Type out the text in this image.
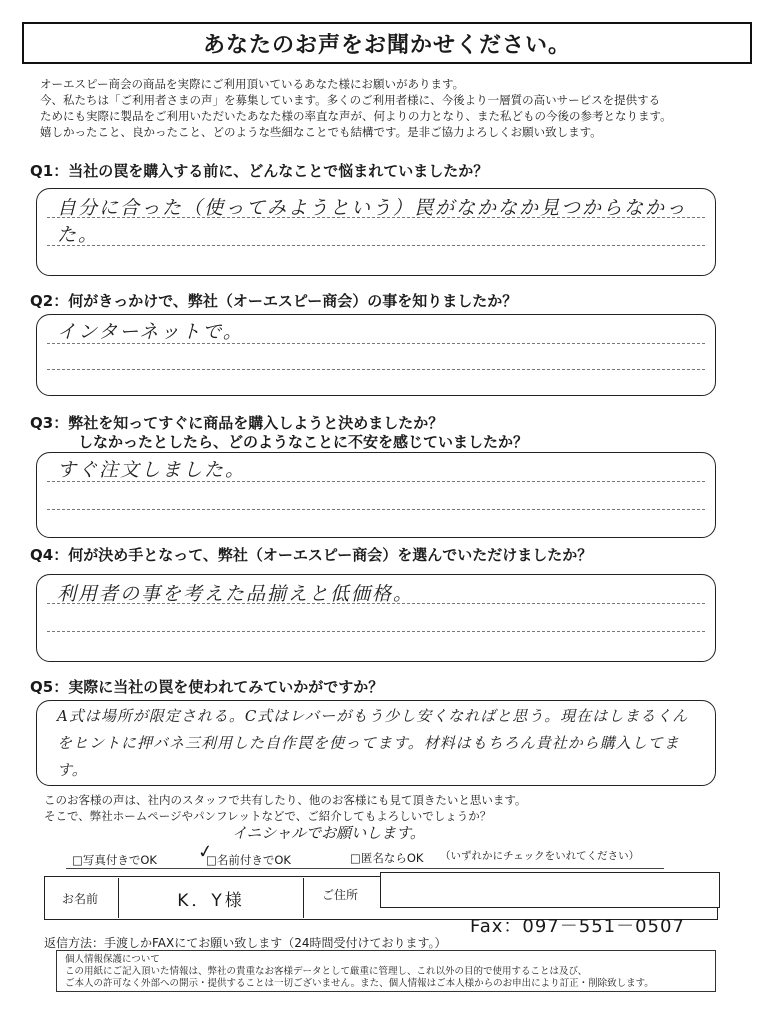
あなたのお声をお聞かせください。
オーエスピー商会の商品を実際にご利用頂いているあなた様にお願いがあります。
今、私たちは「ご利用者さまの声」を募集しています。多くのご利用者様に、今後より一層質の高いサービスを提供する
ためにも実際に製品をご利用いただいたあなた様の率直な声が、何よりの力となり、また私どもの今後の参考となります。
嬉しかったこと、良かったこと、どのような些細なことでも結構です。是非ご協力よろしくお願い致します。
Q1：当社の罠を購入する前に、どんなことで悩まれていましたか？
自分に合った（使ってみようという）罠がなかなか見つからなかった。
Q2：何がきっかけで、弊社（オーエスピー商会）の事を知りましたか？
インターネットで。
Q3：弊社を知ってすぐに商品を購入しようと決めましたか？
しなかったとしたら、どのようなことに不安を感じていましたか？
すぐ注文しました。
Q4：何が決め手となって、弊社（オーエスピー商会）を選んでいただけましたか？
利用者の事を考えた品揃えと低価格。
Q5：実際に当社の罠を使われてみていかがですか？
A式は場所が限定される。C式はレバーがもう少し安くなればと思う。現在はしまるくんをヒントに押バネ三利用した自作罠を使ってます。材料はもちろん貴社から購入してます。
このお客様の声は、社内のスタッフで共有したり、他のお客様にも見て頂きたいと思います。
そこで、弊社ホームページやパンフレットなどで、ご紹介してもよろしいでしょうか？
イニシャルでお願いします。
□写真付きでOK	□名前付きでOK	□匿名ならOK （いずれかにチェックをいれてください）
✓
お名前	K．Y様	ご住所
返信方法：手渡しかFAXにてお願い致します（24時間受付けております。）
Fax：097－551－0507
個人情報保護について
この用紙にご記入頂いた情報は、弊社の貴重なお客様データとして厳重に管理し、これ以外の目的で使用することは及び、
ご本人の許可なく外部への開示・提供することは一切ございません。また、個人情報はご本人様からのお申出により訂正・削除致します。
